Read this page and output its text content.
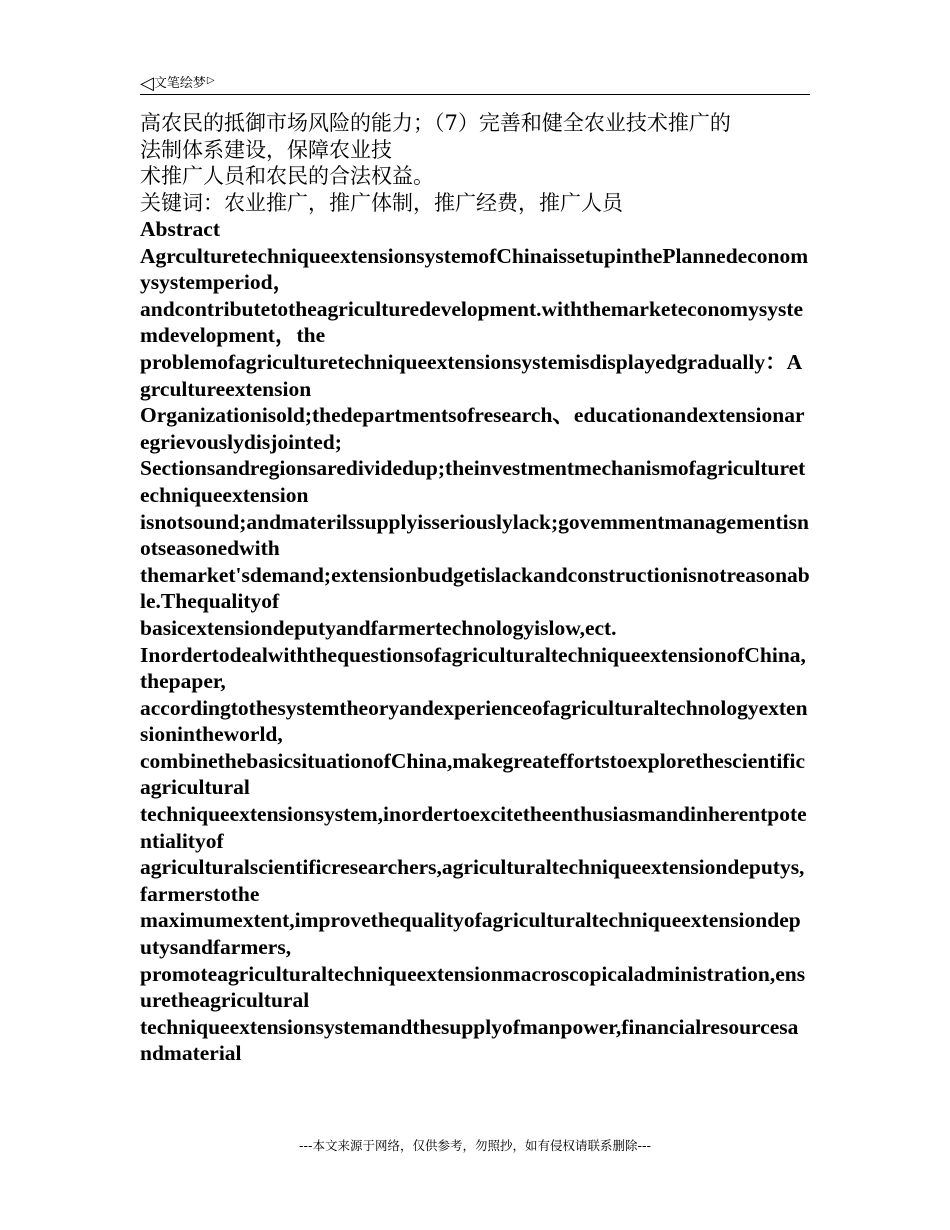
◁文笔绘梦▷
高农民的抵御市场风险的能力；（7）完善和健全农业技术推广的
法制体系建设，保障农业技
术推广人员和农民的合法权益。
关键词：农业推广，推广体制，推广经费，推广人员
Abstract
AgrculturetechniqueextensionsystemofChinaissetupinthePlannedeconomysystemperiod，
andcontributetotheagriculturedevelopment.withthemarketeconomysystemdevelopment，the
problemofagriculturetechniqueextensionsystemisdisplayedgradually：Agrcultureextension
Organizationisold;thedepartmentsofresearch、educationandextensionaregrievouslydisjointed;
Sectionsandregionsaredividedup;theinvestmentmechanismofagriculturetechniqueextension
isnotsound;andmaterilssupplyisseriouslylack;govemmentmanagementisnotseasonedwith
themarket'sdemand;extensionbudgetislackandconstructionisnotreasonable.Thequalityof
basicextensiondeputyandfarmertechnologyislow,ect.
InordertodealwiththequestionsofagriculturaltechniqueextensionofChina,thepaper,
accordingtothesystemtheoryandexperienceofagriculturaltechnologyextensionintheworld,
combinethebasicsituationofChina,makegreateffortstoexplorethescientificagricultural
techniqueextensionsystem,inordertoexcitetheenthusiasmandinherentpotentialityof
agriculturalscientificresearchers,agriculturaltechniqueextensiondeputys,farmerstothe
maximumextent,improvethequalityofagriculturaltechniqueextensiondeputysandfarmers,
promoteagriculturaltechniqueextensionmacroscopicaladministration,ensuretheagricultural
techniqueextensionsystemandthesupplyofmanpower,financialresourcesandmaterial
---本文来源于网络，仅供参考，勿照抄，如有侵权请联系删除---
